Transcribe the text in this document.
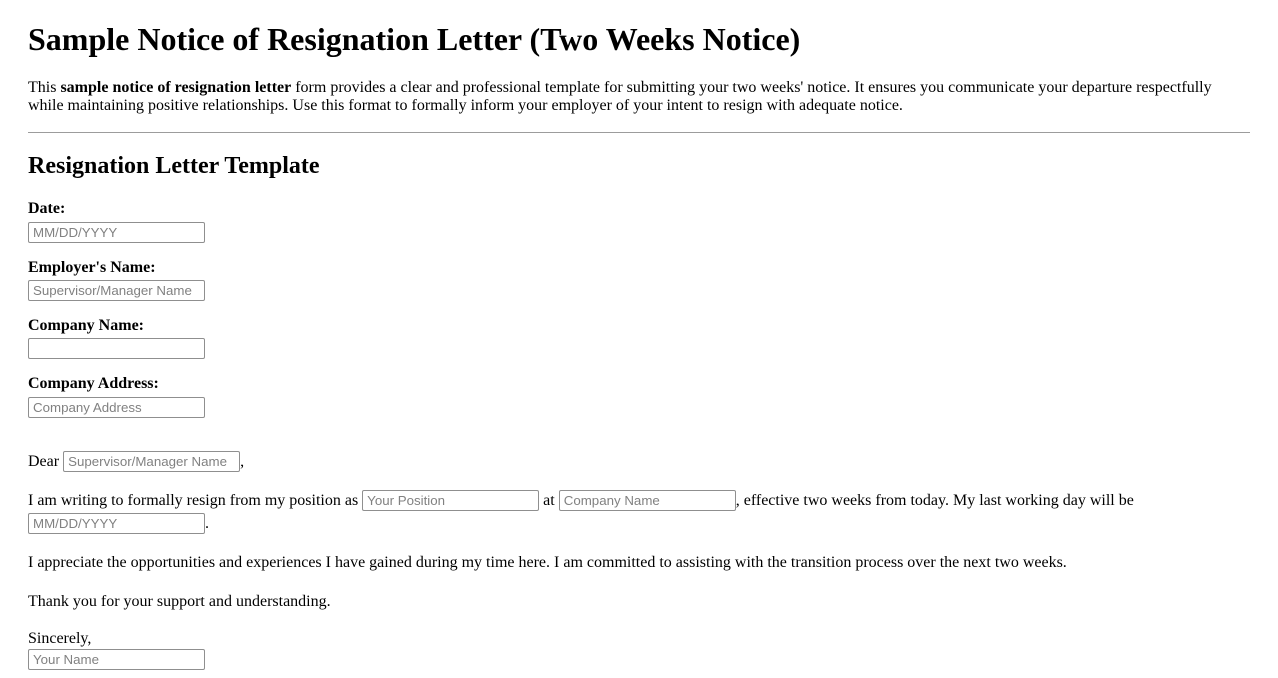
Sample Notice of Resignation Letter (Two Weeks Notice)

This sample notice of resignation letter form provides a clear and professional template for submitting your two weeks' notice. It ensures you communicate your departure respectfully while maintaining positive relationships. Use this format to formally inform your employer of your intent to resign with adequate notice.

Resignation Letter Template

Date:
MM/DD/YYYY

Employer's Name:
Supervisor/Manager Name

Company Name:

Company Address:
Company Address

Dear Supervisor/Manager Name	,

I am writing to formally resign from my position as Your Position	at Company Name	, effective two weeks from today. My last working day will be MM/DD/YYYY.

I appreciate the opportunities and experiences I have gained during my time here. I am committed to assisting with the transition process over the next two weeks.

Thank you for your support and understanding.

Sincerely,
Your Name
